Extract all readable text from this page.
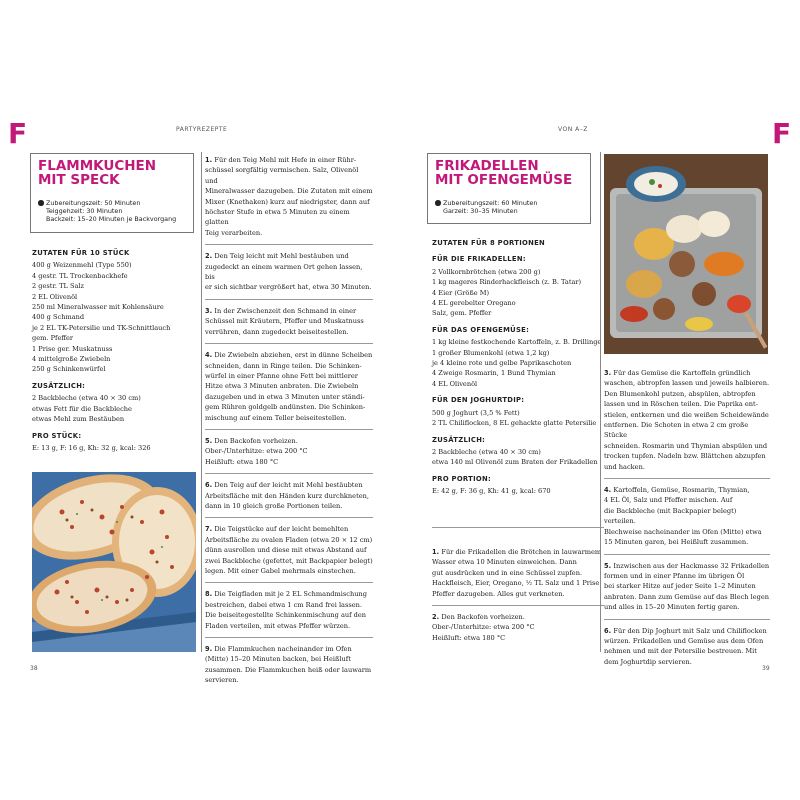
F	PARTYREZEPTE
FLAMMKUCHEN
MIT SPECK
Zubereitungszeit: 50 Minuten
Teiggehzeit: 30 Minuten
Backzeit: 15–20 Minuten je Backvorgang
ZUTATEN FÜR 10 STÜCK
400 g Weizenmehl (Type 550)
4 gestr. TL Trockenbackhefe
2 gestr. TL Salz
2 EL Olivenöl
250 ml Mineralwasser mit Kohlensäure
400 g Schmand
je 2 EL TK-Petersilie und TK-Schnittlauch
gem. Pfeffer
1 Prise ger. Muskatnuss
4 mittelgroße Zwiebeln
250 g Schinkenwürfel
ZUSÄTZLICH:
2 Backbleche (etwa 40 × 30 cm)
etwas Fett für die Backbleche
etwas Mehl zum Bestäuben
PRO STÜCK:
E: 13 g, F: 16 g, Kh: 32 g, kcal: 326
1. Für den Teig Mehl mit Hefe in einer Rühr-
schüssel sorgfältig vermischen. Salz, Olivenöl und
Mineralwasser dazugeben. Die Zutaten mit einem
Mixer (Knethaken) kurz auf niedrigster, dann auf
höchster Stufe in etwa 5 Minuten zu einem glatten
Teig verarbeiten.
2. Den Teig leicht mit Mehl bestäuben und
zugedeckt an einem warmen Ort gehen lassen, bis
er sich sichtbar vergrößert hat, etwa 30 Minuten.
3. In der Zwischenzeit den Schmand in einer
Schüssel mit Kräutern, Pfeffer und Muskatnuss
verrühren, dann zugedeckt beiseitestellen.
4. Die Zwiebeln abziehen, erst in dünne Scheiben
schneiden, dann in Ringe teilen. Die Schinken-
würfel in einer Pfanne ohne Fett bei mittlerer
Hitze etwa 3 Minuten anbraten. Die Zwiebeln
dazugeben und in etwa 3 Minuten unter ständi-
gem Rühren goldgelb andünsten. Die Schinken-
mischung auf einem Teller beiseitestellen.
5. Den Backofen vorheizen.
Ober-/Unterhitze: etwa 200 °C
Heißluft: etwa 180 °C
6. Den Teig auf der leicht mit Mehl bestäubten
Arbeitsfläche mit den Händen kurz durchkneten,
dann in 10 gleich große Portionen teilen.
7. Die Teigstücke auf der leicht bemehlten
Arbeitsfläche zu ovalen Fladen (etwa 20 × 12 cm)
dünn ausrollen und diese mit etwas Abstand auf
zwei Backbleche (gefettet, mit Backpapier belegt)
legen. Mit einer Gabel mehrmals einstechen.
8. Die Teigfladen mit je 2 EL Schmandmischung
bestreichen, dabei etwa 1 cm Rand frei lassen.
Die beiseitegestellte Schinkenmischung auf den
Fladen verteilen, mit etwas Pfeffer würzen.
9. Die Flammkuchen nacheinander im Ofen
(Mitte) 15–20 Minuten backen, bei Heißluft
zusammen. Die Flammkuchen heiß oder lauwarm
servieren.
38
VON A–Z	F
FRIKADELLEN
MIT OFENGEMÜSE
Zubereitungszeit: 60 Minuten
Garzeit: 30–35 Minuten
ZUTATEN FÜR 8 PORTIONEN
FÜR DIE FRIKADELLEN:
2 Vollkornbrötchen (etwa 200 g)
1 kg mageres Rinderhackfleisch (z. B. Tatar)
4 Eier (Größe M)
4 EL gerebelter Oregano
Salz, gem. Pfeffer
FÜR DAS OFENGEMÜSE:
1 kg kleine festkochende Kartoffeln, z. B. Drillinge
1 großer Blumenkohl (etwa 1,2 kg)
je 4 kleine rote und gelbe Paprikaschoten
4 Zweige Rosmarin, 1 Bund Thymian
4 EL Olivenöl
FÜR DEN JOGHURTDIP:
500 g Joghurt (3,5 % Fett)
2 TL Chiliflocken, 8 EL gehackte glatte Petersilie
ZUSÄTZLICH:
2 Backbleche (etwa 40 × 30 cm)
etwa 140 ml Olivenöl zum Braten der Frikadellen
PRO PORTION:
E: 42 g, F: 36 g, Kh: 41 g, kcal: 670
1. Für die Frikadellen die Brötchen in lauwarmem
Wasser etwa 10 Minuten einweichen. Dann
gut ausdrücken und in eine Schüssel zupfen.
Hackfleisch, Eier, Oregano, ½ TL Salz und 1 Prise
Pfeffer dazugeben. Alles gut verkneten.
2. Den Backofen vorheizen.
Ober-/Unterhitze: etwa 200 °C
Heißluft: etwa 180 °C
3. Für das Gemüse die Kartoffeln gründlich
waschen, abtropfen lassen und jeweils halbieren.
Den Blumenkohl putzen, abspülen, abtropfen
lassen und in Röschen teilen. Die Paprika ent-
stielen, entkernen und die weißen Scheidewände
entfernen. Die Schoten in etwa 2 cm große Stücke
schneiden. Rosmarin und Thymian abspülen und
trocken tupfen. Nadeln bzw. Blättchen abzupfen
und hacken.
4. Kartoffeln, Gemüse, Rosmarin, Thymian,
4 EL Öl, Salz und Pfeffer mischen. Auf
die Backbleche (mit Backpapier belegt) verteilen.
Blechweise nacheinander im Ofen (Mitte) etwa
15 Minuten garen, bei Heißluft zusammen.
5. Inzwischen aus der Hackmasse 32 Frikadellen
formen und in einer Pfanne im übrigen Öl
bei starker Hitze auf jeder Seite 1–2 Minuten
anbraten. Dann zum Gemüse auf das Blech legen
und alles in 15–20 Minuten fertig garen.
6. Für den Dip Joghurt mit Salz und Chiliflocken
würzen. Frikadellen und Gemüse aus dem Ofen
nehmen und mit der Petersilie bestreuen. Mit
dem Joghurtdip servieren.
39
